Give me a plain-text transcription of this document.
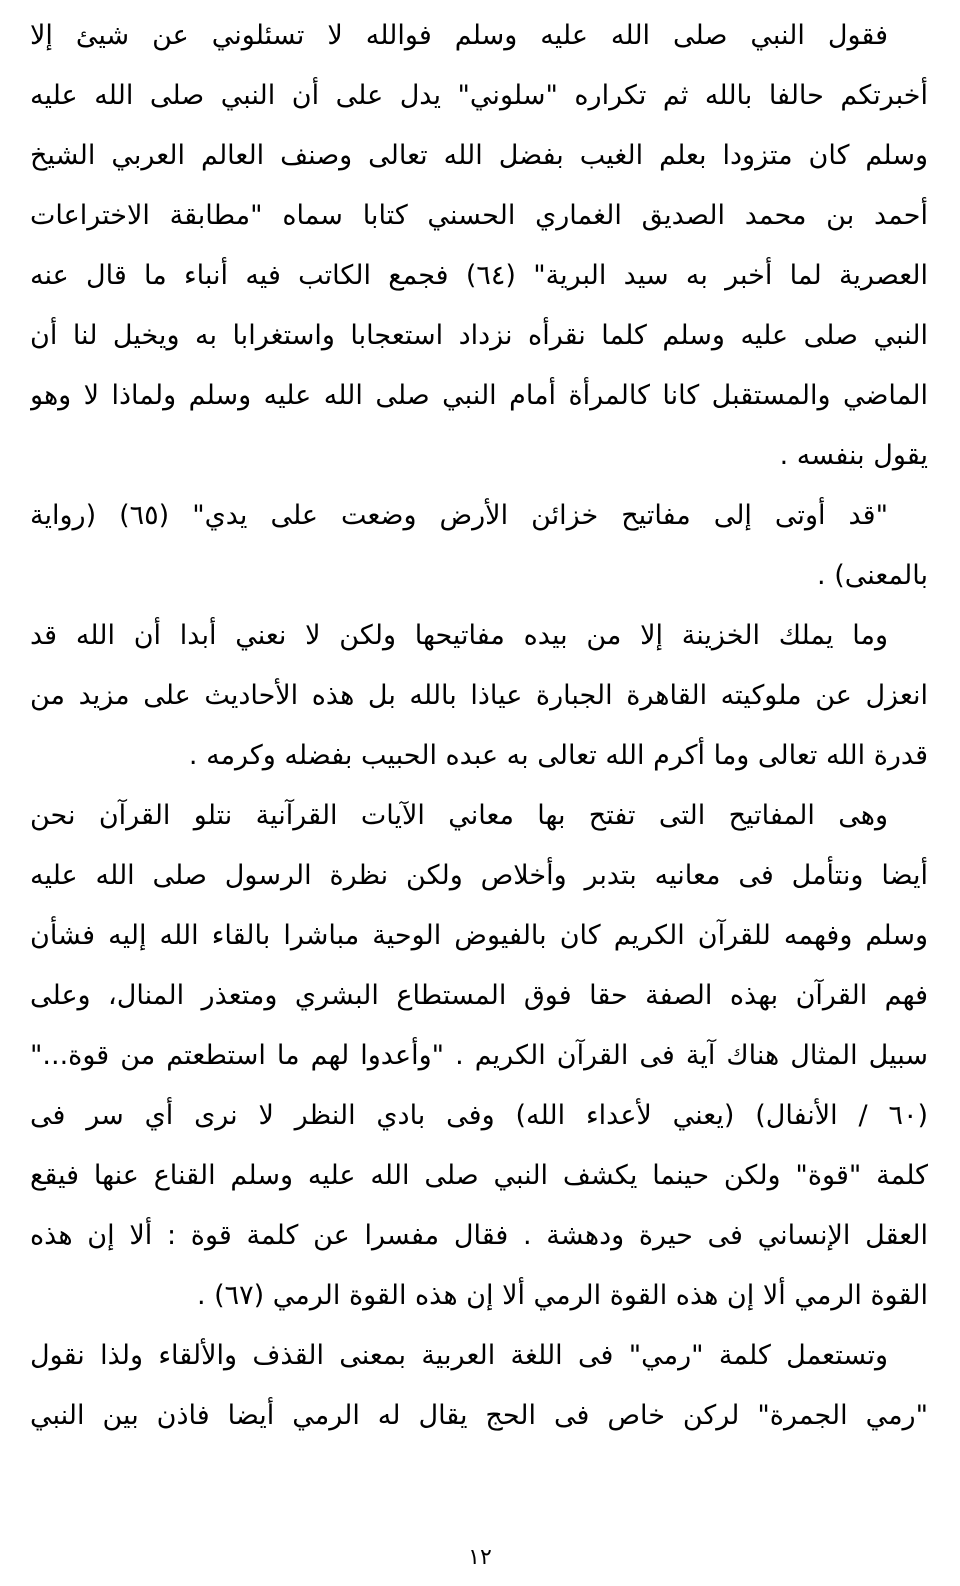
فقول النبي صلى الله عليه وسلم فوالله لا تسئلوني عن شيئ إلا
أخبرتكم حالفا بالله ثم تكراره "سلوني" يدل على أن النبي صلى الله عليه
وسلم كان متزودا بعلم الغيب بفضل الله تعالى وصنف العالم العربي الشيخ
أحمد بن محمد الصديق الغماري الحسني كتابا سماه "مطابقة الاختراعات
العصرية لما أخبر به سيد البرية" (٦٤) فجمع الكاتب فيه أنباء ما قال عنه
النبي صلى عليه وسلم كلما نقرأه نزداد استعجابا واستغرابا به ويخيل لنا أن
الماضي والمستقبل كانا كالمرأة أمام النبي صلى الله عليه وسلم ولماذا لا وهو
يقول بنفسه .
"قد أوتى إلى مفاتيح خزائن الأرض وضعت على يدي" (٦٥) (رواية
بالمعنى) .
وما يملك الخزينة إلا من بيده مفاتيحها ولكن لا نعني أبدا أن الله قد
انعزل عن ملوكيته القاهرة الجبارة عياذا بالله بل هذه الأحاديث على مزيد من
قدرة الله تعالى وما أكرم الله تعالى به عبده الحبيب بفضله وكرمه .
وهى المفاتيح التى تفتح بها معاني الآيات القرآنية نتلو القرآن نحن
أيضا ونتأمل فى معانيه بتدبر وأخلاص ولكن نظرة الرسول صلى الله عليه
وسلم وفهمه للقرآن الكريم كان بالفيوض الوحية مباشرا بالقاء الله إليه فشأن
فهم القرآن بهذه الصفة حقا فوق المستطاع البشري ومتعذر المنال، وعلى
سبيل المثال هناك آية فى القرآن الكريم . "وأعدوا لهم ما استطعتم من قوة..."
(٦٠ / الأنفال) (يعني لأعداء الله) وفى بادي النظر لا نرى أي سر فى
كلمة "قوة" ولكن حينما يكشف النبي صلى الله عليه وسلم القناع عنها فيقع
العقل الإنساني فى حيرة ودهشة . فقال مفسرا عن كلمة قوة : ألا إن هذه
القوة الرمي ألا إن هذه القوة الرمي ألا إن هذه القوة الرمي (٦٧) .
وتستعمل كلمة "رمي" فى اللغة العربية بمعنى القذف والألقاء ولذا نقول
"رمي الجمرة" لركن خاص فى الحج يقال له الرمي أيضا فاذن بين النبي
١٢
